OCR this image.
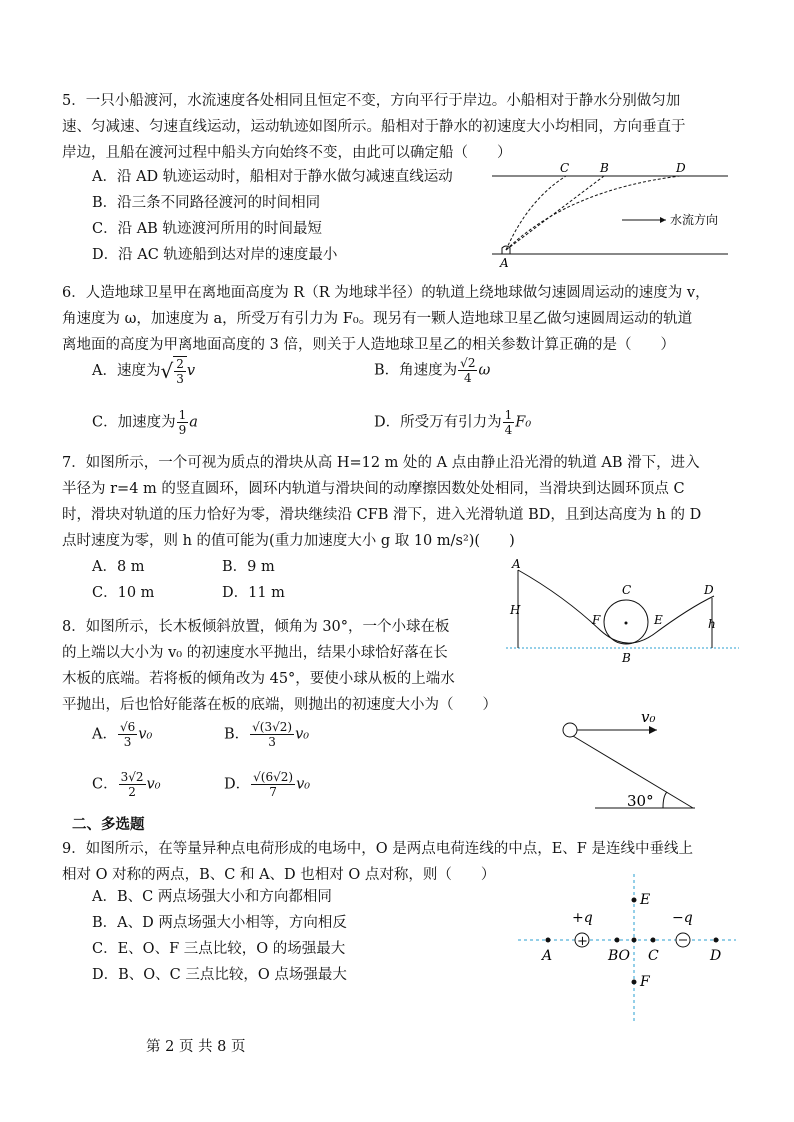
5．一只小船渡河，水流速度各处相同且恒定不变，方向平行于岸边。小船相对于静水分别做匀加

速、匀减速、匀速直线运动，运动轨迹如图所示。船相对于静水的初速度大小均相同，方向垂直于

岸边，且船在渡河过程中船头方向始终不变，由此可以确定船（　　）

A．沿 AD 轨迹运动时，船相对于静水做匀减速直线运动

B．沿三条不同路径渡河的时间相同

C．沿 AB 轨迹渡河所用的时间最短

D．沿 AC 轨迹船到达对岸的速度最小

C	B	D
A
水流方向

6．人造地球卫星甲在离地面高度为 R（R 为地球半径）的轨道上绕地球做匀速圆周运动的速度为 v，

角速度为 ω，加速度为 a，所受万有引力为 F₀。现另有一颗人造地球卫星乙做匀速圆周运动的轨道

离地面的高度为甲离地面高度的 3 倍，则关于人造地球卫星乙的相关参数计算正确的是（　　）

A．速度为 √ $\frac{2}{3}$ v	B．角速度为 $\frac{√2}{4}$ ω
C．加速度为 $\frac{1}{9}$ a	D．所受万有引力为 $\frac{1}{4} F_0$

7．如图所示，一个可视为质点的滑块从高 H=12 m 处的 A 点由静止沿光滑的轨道 AB 滑下，进入

半径为 r=4 m 的竖直圆环，圆环内轨道与滑块间的动摩擦因数处处相同，当滑块到达圆环顶点 C

时，滑块对轨道的压力恰好为零，滑块继续沿 CFB 滑下，进入光滑轨道 BD，且到达高度为 h 的 D

点时速度为零，则 h 的值可能为(重力加速度大小 g 取 10 m/s²)(　　)

A．8 m	B．9 m
C．10 m	D．11 m
A
H
C
F	E
D
h
B

8．如图所示，长木板倾斜放置，倾角为 30°，一个小球在板

的上端以大小为 v₀ 的初速度水平抛出，结果小球恰好落在长

木板的底端。若将板的倾角改为 45°，要使小球从板的上端水

平抛出，后也恰好能落在板的底端，则抛出的初速度大小为（　　）

A． $\frac{√6}{3} v_0$	B． $\frac{√(3√2)}{3} v_0$
C． $\frac{3√2}{2} v_0$	D． $\frac{√(6√2)}{7} v_0$
v₀
30°
二、多选题

9．如图所示，在等量异种点电荷形成的电场中，O 是两点电荷连线的中点，E、F 是连线中垂线上

相对 O 对称的两点，B、C 和 A、D 也相对 O 点对称，则（　　）

A．B、C 两点场强大小和方向都相同

B．A、D 两点场强大小相等，方向相反

C．E、O、F 三点比较，O 的场强最大

D．B、O、C 三点比较，O 点场强最大

+
+q	−q
E
A	BO C	D
F
第 2 页 共 8 页
